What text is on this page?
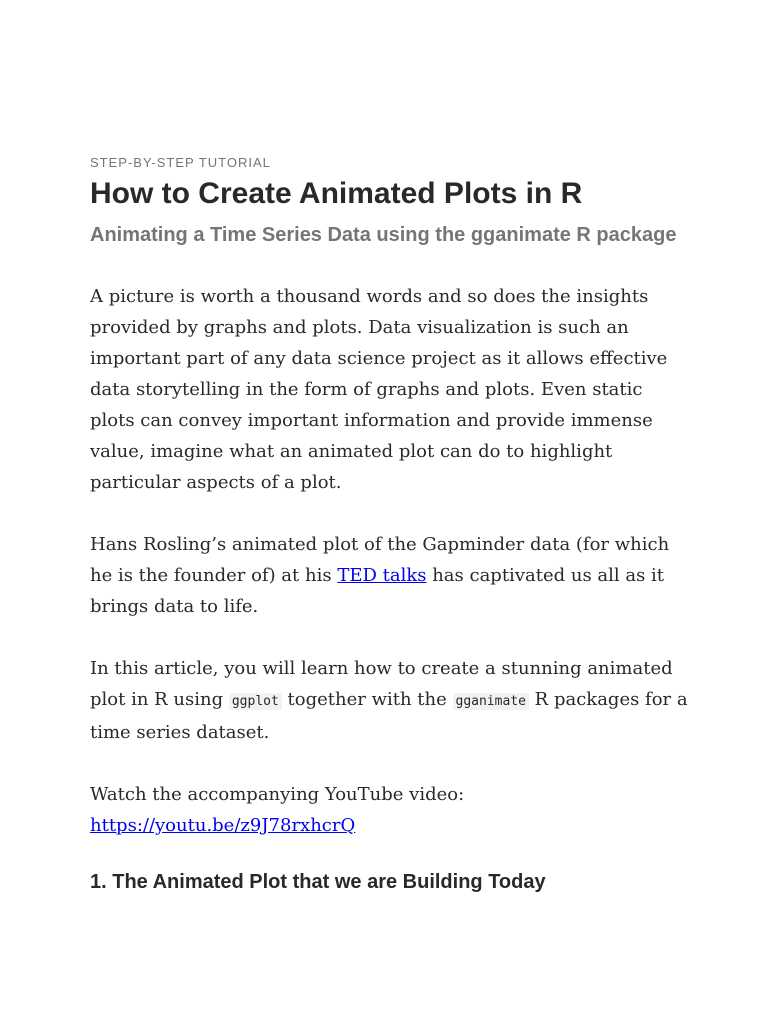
STEP-BY-STEP TUTORIAL

How to Create Animated Plots in R
Animating a Time Series Data using the gganimate R package

A picture is worth a thousand words and so does the insights provided by graphs and plots. Data visualization is such an important part of any data science project as it allows effective data storytelling in the form of graphs and plots. Even static plots can convey important information and provide immense value, imagine what an animated plot can do to highlight particular aspects of a plot.

Hans Rosling’s animated plot of the Gapminder data (for which he is the founder of) at his TED talks has captivated us all as it brings data to life.

In this article, you will learn how to create a stunning animated plot in R using ggplot together with the gganimate R packages for a time series dataset.

Watch the accompanying YouTube video: https://youtu.be/z9J78rxhcrQ

1. The Animated Plot that we are Building Today
